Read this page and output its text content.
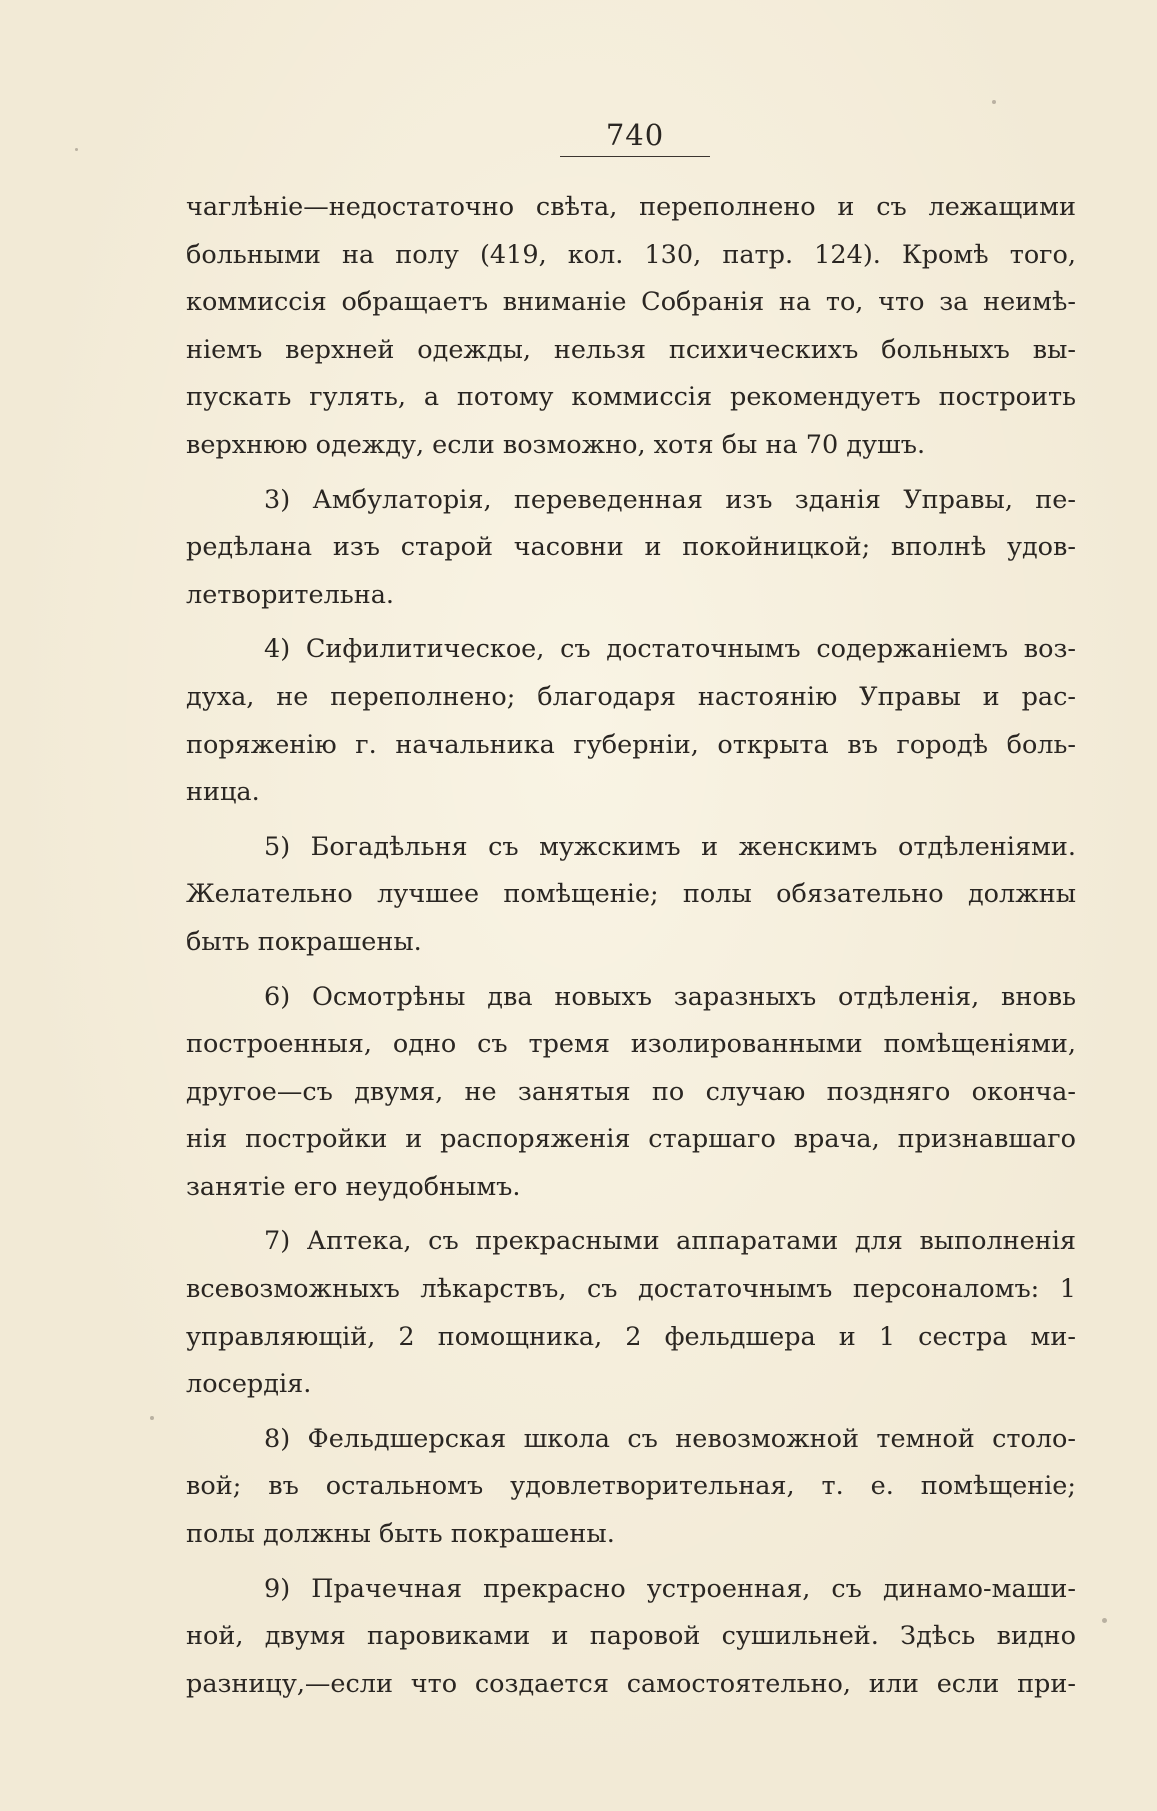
740

чаглѣніе—недостаточно свѣта, переполнено и съ лежащими

больными на полу (419, кол. 130, патр. 124). Кромѣ того,

коммиссія обращаетъ вниманіе Собранія на то, что за неимѣ-

ніемъ верхней одежды, нельзя психическихъ больныхъ вы-

пускать гулять, а потому коммиссія рекомендуетъ построить

верхнюю одежду, если возможно, хотя бы на 70 душъ.

3) Амбулаторія, переведенная изъ зданія Управы, пе-

редѣлана изъ старой часовни и покойницкой; вполнѣ удов-

летворительна.

4) Сифилитическое, съ достаточнымъ содержаніемъ воз-

духа, не переполнено; благодаря настоянію Управы и рас-

поряженію г. начальника губерніи, открыта въ городѣ боль-

ница.

5) Богадѣльня съ мужскимъ и женскимъ отдѣленіями.

Желательно лучшее помѣщеніе; полы обязательно должны

быть покрашены.

6) Осмотрѣны два новыхъ заразныхъ отдѣленія, вновь

построенныя, одно съ тремя изолированными помѣщеніями,

другое—съ двумя, не занятыя по случаю поздняго оконча-

нія постройки и распоряженія старшаго врача, признавшаго

занятіе его неудобнымъ.

7) Аптека, съ прекрасными аппаратами для выполненія

всевозможныхъ лѣкарствъ, съ достаточнымъ персоналомъ: 1

управляющій, 2 помощника, 2 фельдшера и 1 сестра ми-

лосердія.

8) Фельдшерская школа съ невозможной темной столо-

вой; въ остальномъ удовлетворительная, т. е. помѣщеніе;

полы должны быть покрашены.

9) Прачечная прекрасно устроенная, съ динамо-маши-

ной, двумя паровиками и паровой сушильней. Здѣсь видно

разницу,—если что создается самостоятельно, или если при-
